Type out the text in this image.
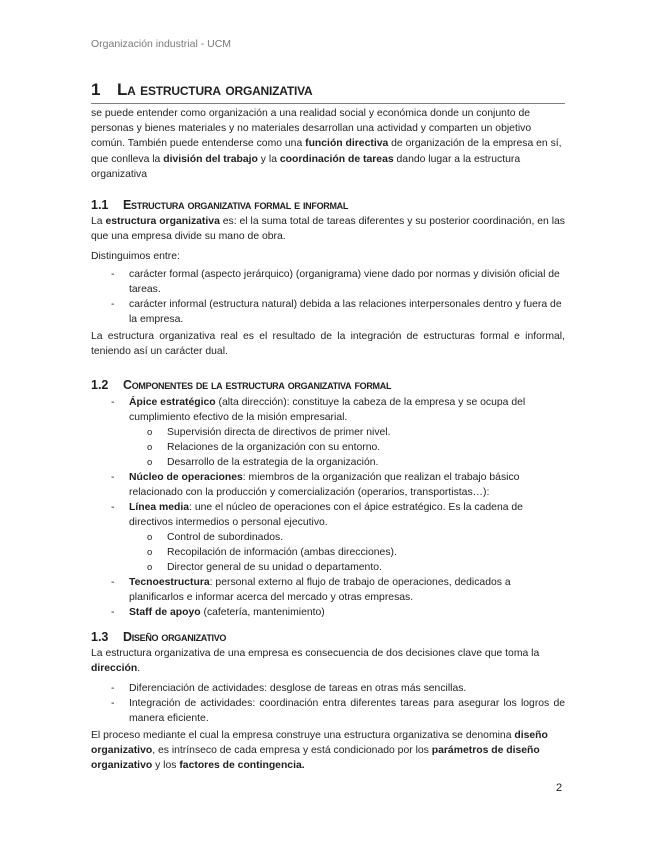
Organización industrial - UCM
1 La estructura organizativa

se puede entender como organización a una realidad social y económica donde un conjunto de personas y bienes materiales y no materiales desarrollan una actividad y comparten un objetivo común. También puede entenderse como una función directiva de organización de la empresa en sí, que conlleva la división del trabajo y la coordinación de tareas dando lugar a la estructura organizativa

1.1 Estructura organizativa formal e informal

La estructura organizativa es: el la suma total de tareas diferentes y su posterior coordinación, en las que una empresa divide su mano de obra.

Distinguimos entre:

- carácter formal (aspecto jerárquico) (organigrama) viene dado por normas y división oficial de tareas.
- carácter informal (estructura natural) debida a las relaciones interpersonales dentro y fuera de la empresa.

La estructura organizativa real es el resultado de la integración de estructuras formal e informal, teniendo así un carácter dual.

1.2 Componentes de la estructura organizativa formal
- Ápice estratégico (alta dirección): constituye la cabeza de la empresa y se ocupa del cumplimiento efectivo de la misión empresarial.
o Supervisión directa de directivos de primer nivel.
o Relaciones de la organización con su entorno.
o Desarrollo de la estrategia de la organización.
- Núcleo de operaciones: miembros de la organización que realizan el trabajo básico relacionado con la producción y comercialización (operarios, transportistas…):
- Línea media: une el núcleo de operaciones con el ápice estratégico. Es la cadena de directivos intermedios o personal ejecutivo.
o Control de subordinados.
o Recopilación de información (ambas direcciones).
o Director general de su unidad o departamento.
- Tecnoestructura: personal externo al flujo de trabajo de operaciones, dedicados a planificarlos e informar acerca del mercado y otras empresas.
- Staff de apoyo (cafetería, mantenimiento)
1.3 Diseño organizativo

La estructura organizativa de una empresa es consecuencia de dos decisiones clave que toma la dirección.

- Diferenciación de actividades: desglose de tareas en otras más sencillas.
- Integración de actividades: coordinación entra diferentes tareas para asegurar los logros de manera eficiente.

El proceso mediante el cual la empresa construye una estructura organizativa se denomina diseño organizativo, es intrínseco de cada empresa y está condicionado por los parámetros de diseño organizativo y los factores de contingencia.

2
